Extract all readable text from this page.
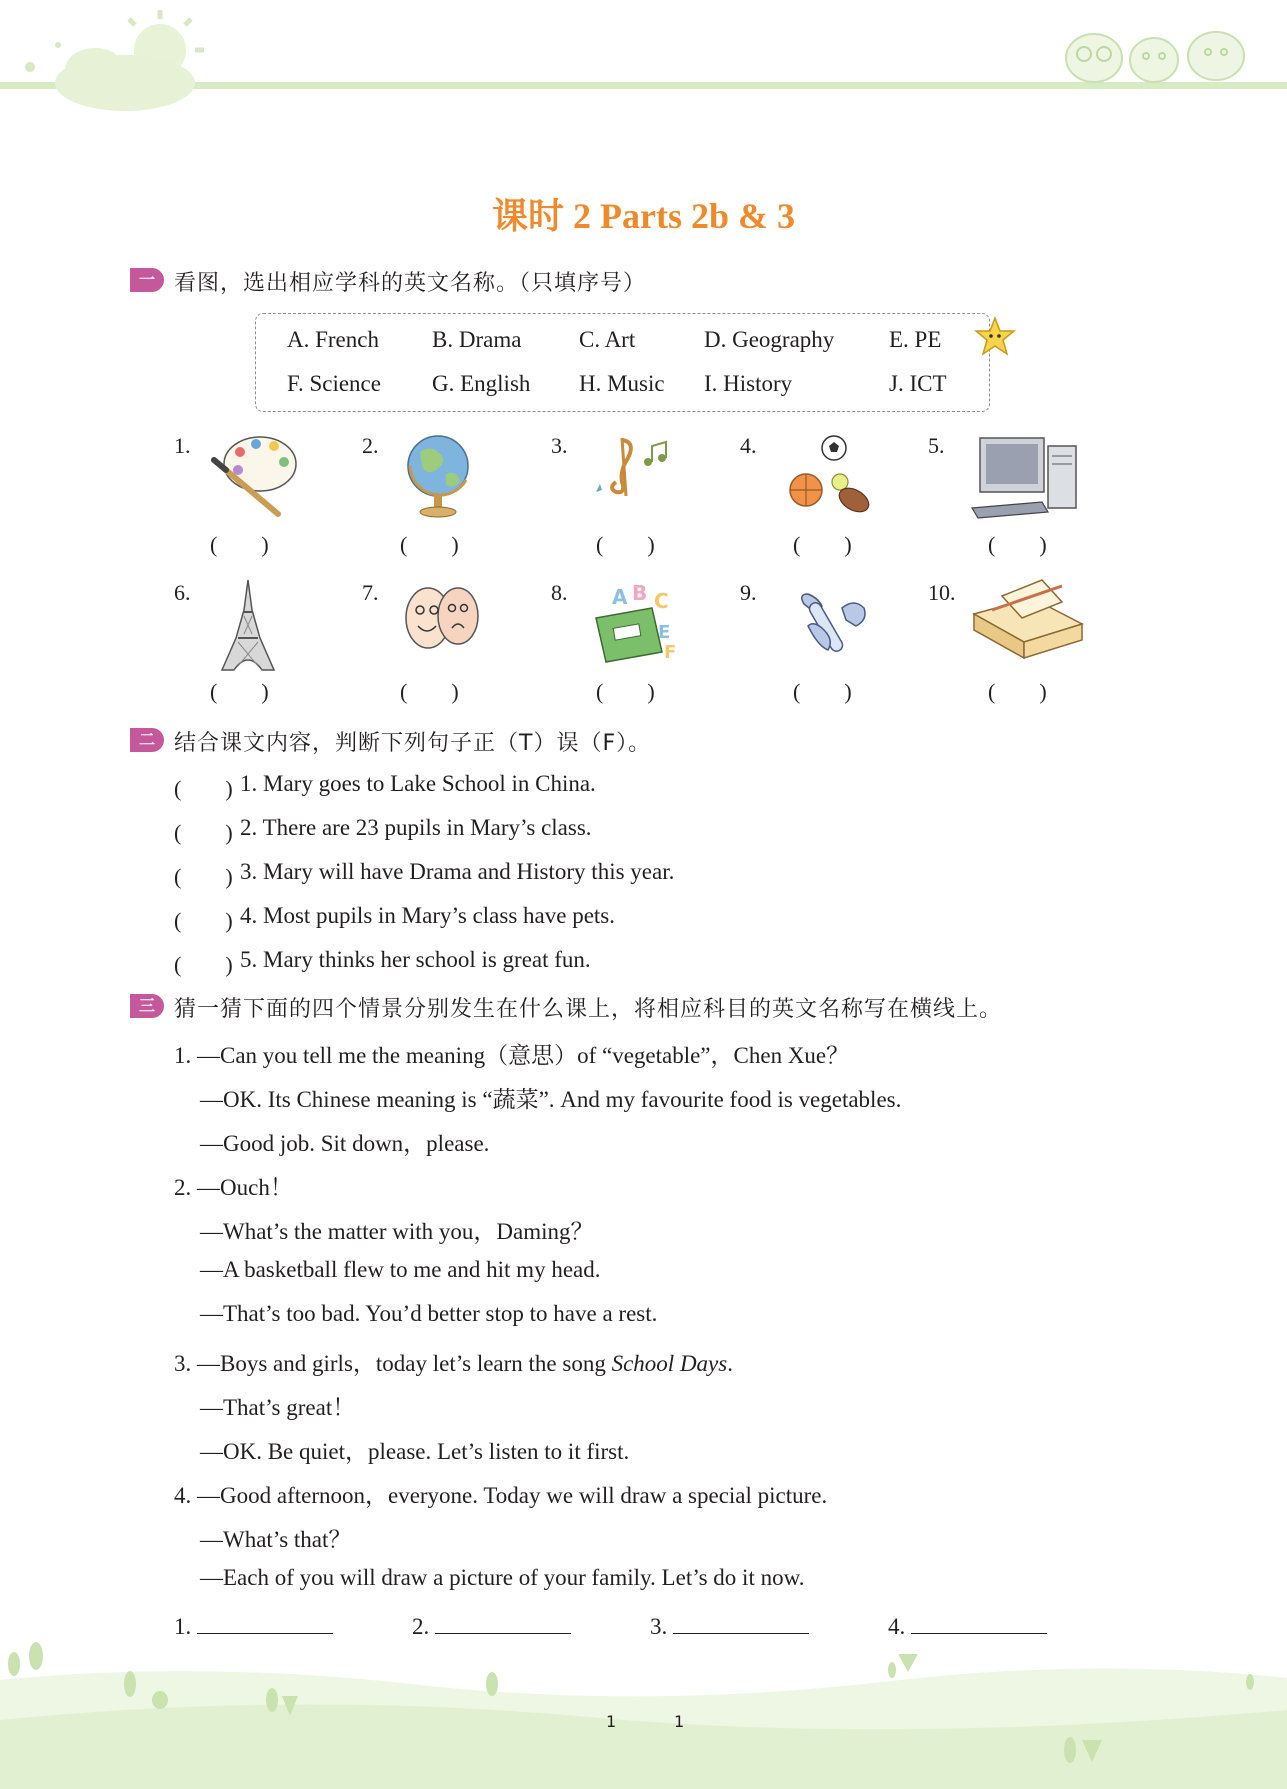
课时 2 Parts 2b & 3
一 看图，选出相应学科的英文名称。（只填序号）
A. French B. Drama	C. Art	D. Geography E. PE
F. Science G. English H. Music I. History	J. ICT
1.	2.	3.	4.	5.
(　　)	(　　)	(　　)	(　　)	(　　)
6.	7.	8.	9.	10.
A B C
E
F
(　　)	(　　)	(　　)	(　　)	(　　)
二 结合课文内容，判断下列句子正（T）误（F）。
(　　) 1. Mary goes to Lake School in China.
(　　) 2. There are 23 pupils in Mary’s class.
(　　) 3. Mary will have Drama and History this year.
(　　) 4. Most pupils in Mary’s class have pets.
(　　) 5. Mary thinks her school is great fun.
三 猜一猜下面的四个情景分别发生在什么课上，将相应科目的英文名称写在横线上。
1. —Can you tell me the meaning（意思）of “vegetable”，Chen Xue？
—OK. Its Chinese meaning is “蔬菜”. And my favourite food is vegetables.
—Good job. Sit down，please.
2. —Ouch！
—What’s the matter with you，Daming？
—A basketball flew to me and hit my head.
—That’s too bad. You’d better stop to have a rest.
3. —Boys and girls，today let’s learn the song School Days.
—That’s great！
—OK. Be quiet，please. Let’s listen to it first.
4. —Good afternoon，everyone. Today we will draw a special picture.
—What’s that？
—Each of you will draw a picture of your family. Let’s do it now.
1.	2.	3.	4.
1	1
